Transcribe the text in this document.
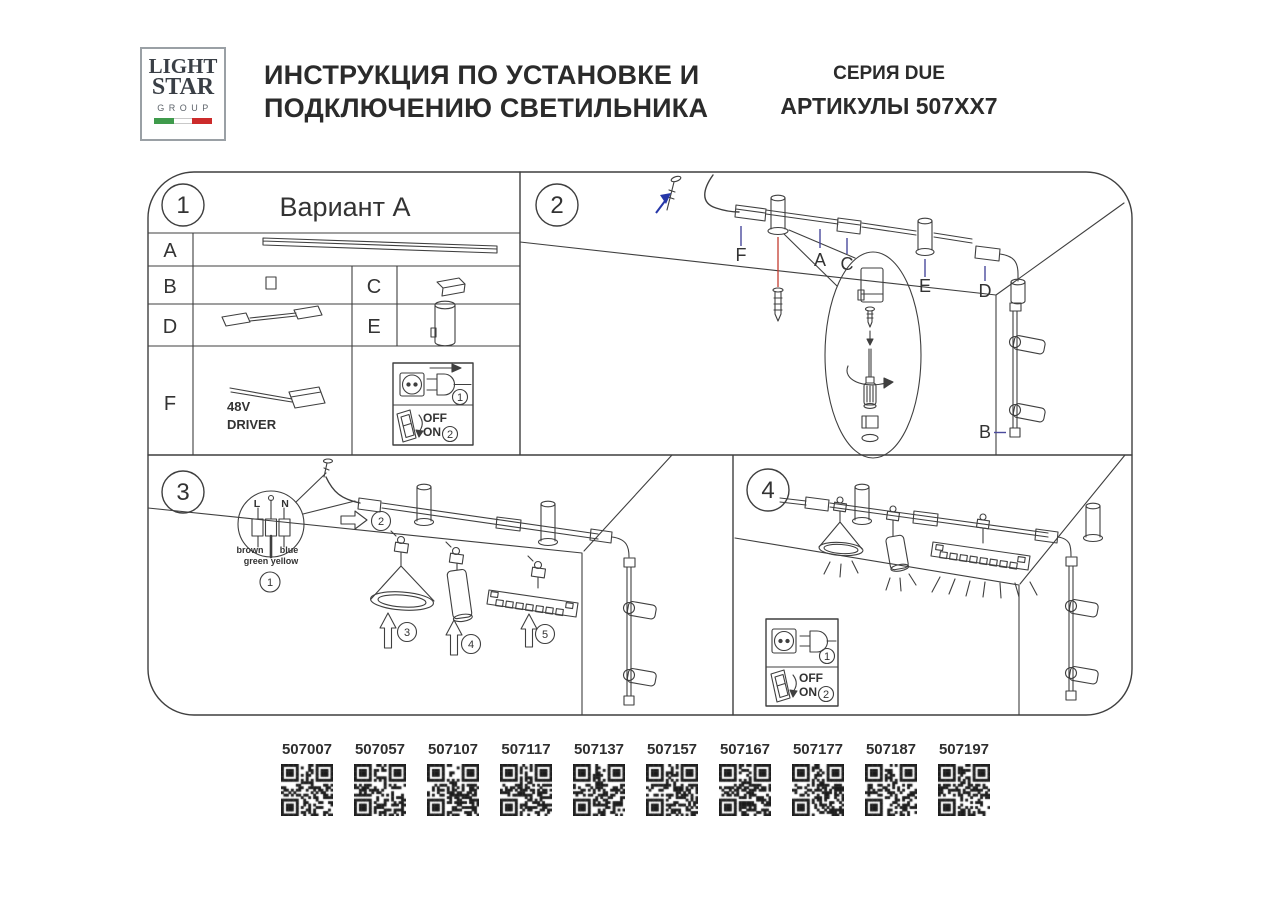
LIGHT
STAR
GROUP
ИНСТРУКЦИЯ ПО УСТАНОВКЕ И
ПОДКЛЮЧЕНИЮ СВЕТИЛЬНИКА
СЕРИЯ DUE
АРТИКУЛЫ 507XX7
1	Вариант A
A
B	C
D	E
F	48V
DRIVER
1
OFF
ON 2
2
F	A C
E	D
B
3	L N
brown blue
green yellow
1
2
3
4
5
4
1
OFF
ON 2
507007 507057 507107 507117 507137 507157 507167 507177 507187 507197
